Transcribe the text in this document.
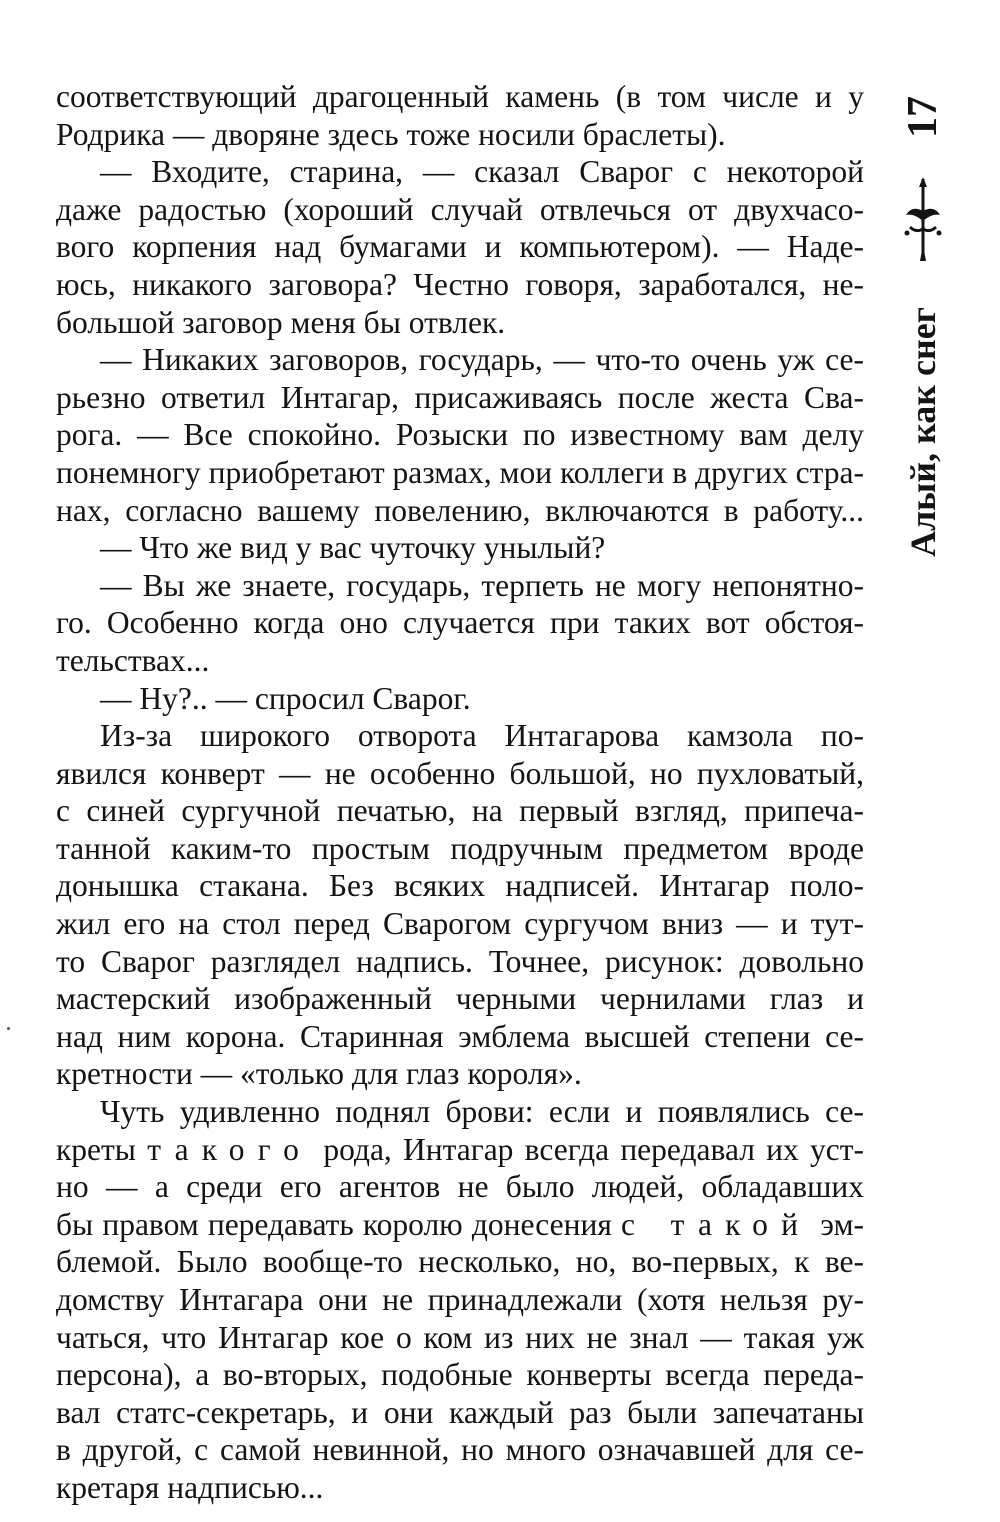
соответствующий драгоценный камень (в том числе и у
Родрика — дворяне здесь тоже носили браслеты).
— Входите, старина, — сказал Сварог с некоторой
даже радостью (хороший случай отвлечься от двухчасо-
вого корпения над бумагами и компьютером). — Наде-
юсь, никакого заговора? Честно говоря, заработался, не-
большой заговор меня бы отвлек.
— Никаких заговоров, государь, — что-то очень уж се-
рьезно ответил Интагар, присаживаясь после жеста Сва-
рога. — Все спокойно. Розыски по известному вам делу
понемногу приобретают размах, мои коллеги в других стра-
нах, согласно вашему повелению, включаются в работу...
— Что же вид у вас чуточку унылый?
— Вы же знаете, государь, терпеть не могу непонятно-
го. Особенно когда оно случается при таких вот обстоя-
тельствах...
— Ну?.. — спросил Сварог.
Из-за широкого отворота Интагарова камзола по-
явился конверт — не особенно большой, но пухловатый,
с синей сургучной печатью, на первый взгляд, припеча-
танной каким-то простым подручным предметом вроде
донышка стакана. Без всяких надписей. Интагар поло-
жил его на стол перед Сварогом сургучом вниз — и тут-
то Сварог разглядел надпись. Точнее, рисунок: довольно
мастерский изображенный черными чернилами глаз и
над ним корона. Старинная эмблема высшей степени се-
кретности — «только для глаз короля».
Чуть удивленно поднял брови: если и появлялись се-
креты такого рода, Интагар всегда передавал их уст-
но — а среди его агентов не было людей, обладавших
бы правом передавать королю донесения с такой эм-
блемой. Было вообще-то несколько, но, во-первых, к ве-
домству Интагара они не принадлежали (хотя нельзя ру-
чаться, что Интагар кое о ком из них не знал — такая уж
персона), а во-вторых, подобные конверты всегда переда-
вал статс-секретарь, и они каждый раз были запечатаны
в другой, с самой невинной, но много означавшей для се-
кретаря надписью...
17
Алый, как снег
